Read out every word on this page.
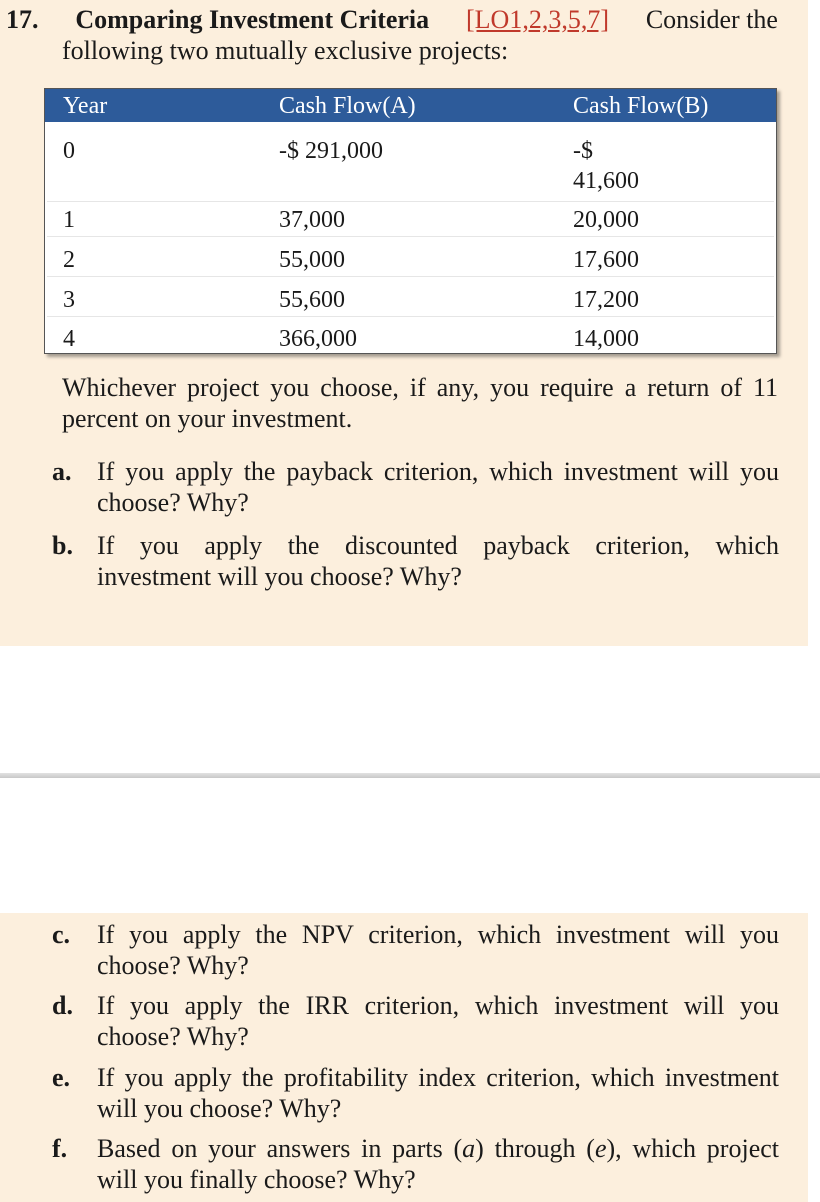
17. Comparing Investment Criteria [LO1,2,3,5,7] Consider the
following two mutually exclusive projects:
Year	Cash Flow(A)	Cash Flow(B)
0	-$ 291,000	-$
41,600
1	37,000	20,000
2	55,000	17,600
3	55,600	17,200
4	366,000	14,000
Whichever project you choose, if any, you require a return of 11
percent on your investment.
a. If you apply the payback criterion, which investment will you
choose? Why?
b. If you apply the discounted payback criterion, which
investment will you choose? Why?
c. If you apply the NPV criterion, which investment will you
choose? Why?
d. If you apply the IRR criterion, which investment will you
choose? Why?
e. If you apply the profitability index criterion, which investment
will you choose? Why?
f. Based on your answers in parts (a) through (e), which project
will you finally choose? Why?
